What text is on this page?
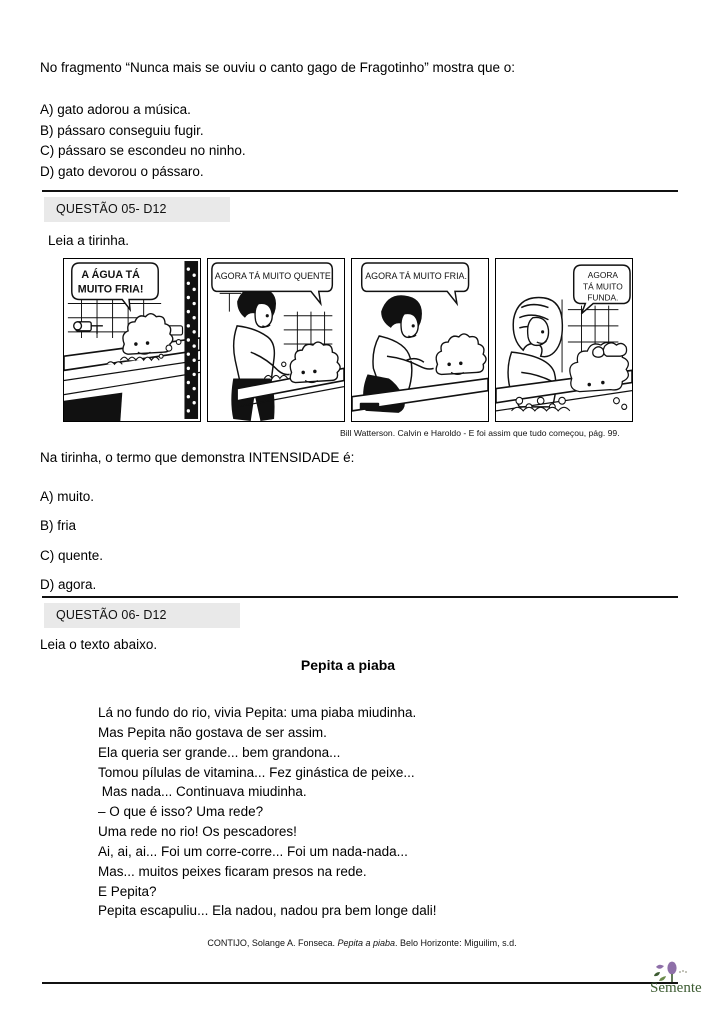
No fragmento “Nunca mais se ouviu o canto gago de Fragotinho” mostra que o:
A) gato adorou a música.
B) pássaro conseguiu fugir.
C) pássaro se escondeu no ninho.
D) gato devorou o pássaro.
QUESTÃO 05- D12
Leia a tirinha.
A ÁGUA TÁ
MUITO FRIA!
AGORA TÁ MUITO QUENTE.	AGORA TÁ MUITO FRIA.	AGORA
TÁ MUITO
FUNDA.
Bill Watterson. Calvin e Haroldo - E foi assim que tudo começou, pág. 99.
Na tirinha, o termo que demonstra INTENSIDADE é:
A) muito.
B) fria
C) quente.
D) agora.
QUESTÃO 06- D12
Leia o texto abaixo.
Pepita a piaba
Lá no fundo do rio, vivia Pepita: uma piaba miudinha.
Mas Pepita não gostava de ser assim.
Ela queria ser grande... bem grandona...
Tomou pílulas de vitamina... Fez ginástica de peixe...
Mas nada... Continuava miudinha.
– O que é isso? Uma rede?
Uma rede no rio! Os pescadores!
Ai, ai, ai... Foi um corre-corre... Foi um nada-nada...
Mas... muitos peixes ficaram presos na rede.
E Pepita?
Pepita escapuliu... Ela nadou, nadou pra bem longe dali!
CONTIJO, Solange A. Fonseca. Pepita a piaba. Belo Horizonte: Miguilim, s.d.
Semente
